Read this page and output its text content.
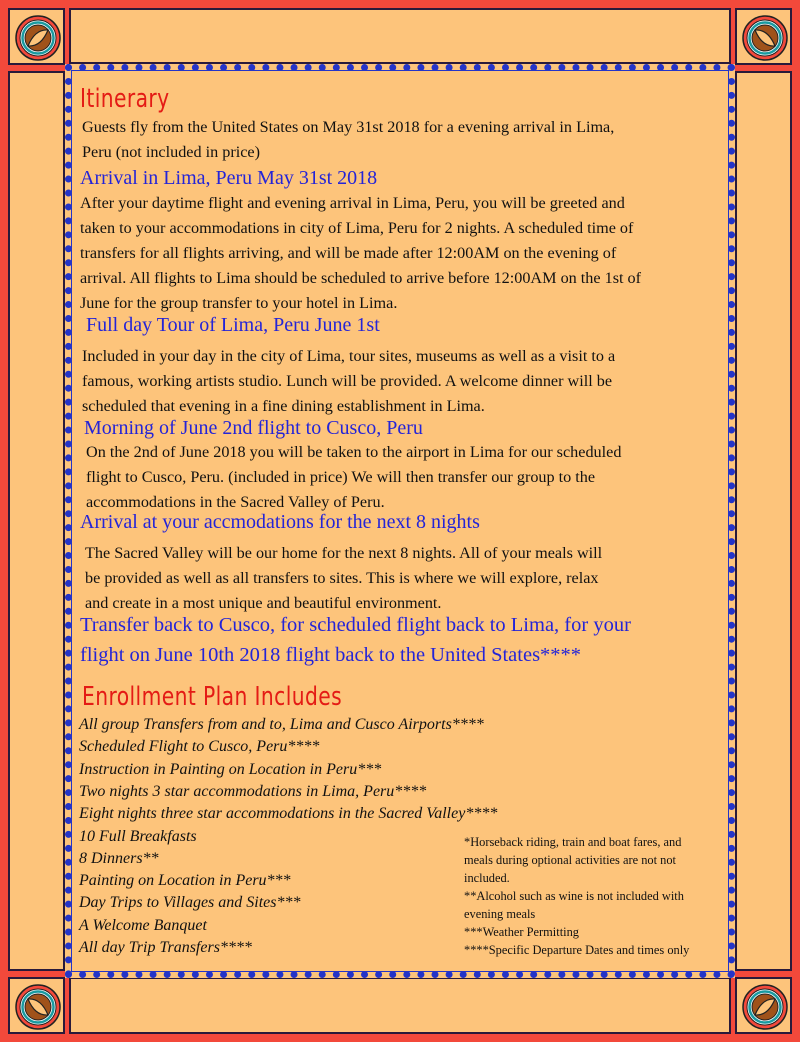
Itinerary
Guests fly from the United States on May 31st 2018 for a evening arrival in Lima,
Peru (not included in price)
Arrival in Lima, Peru May 31st 2018
After your daytime flight and evening arrival in Lima, Peru, you will be greeted and
taken to your accommodations in city of Lima, Peru for 2 nights. A scheduled time of
transfers for all flights arriving, and will be made after 12:00AM on the evening of
arrival. All flights to Lima should be scheduled to arrive before 12:00AM on the 1st of
June for the group transfer to your hotel in Lima.
Full day Tour of Lima, Peru June 1st
Included in your day in the city of Lima, tour sites, museums as well as a visit to a
famous, working artists studio. Lunch will be provided. A welcome dinner will be
scheduled that evening in a fine dining establishment in Lima.
Morning of June 2nd flight to Cusco, Peru
On the 2nd of June 2018 you will be taken to the airport in Lima for our scheduled
flight to Cusco, Peru. (included in price) We will then transfer our group to the
accommodations in the Sacred Valley of Peru.
Arrival at your accmodations for the next 8 nights
The Sacred Valley will be our home for the next 8 nights. All of your meals will
be provided as well as all transfers to sites. This is where we will explore, relax
and create in a most unique and beautiful environment.
Transfer back to Cusco, for scheduled flight back to Lima, for your
flight on June 10th 2018 flight back to the United States****
Enrollment Plan Includes
All group Transfers from and to, Lima and Cusco Airports****
Scheduled Flight to Cusco, Peru****
Instruction in Painting on Location in Peru***
Two nights 3 star accommodations in Lima, Peru****
Eight nights three star accommodations in the Sacred Valley****
10 Full Breakfasts
8 Dinners**
Painting on Location in Peru***
Day Trips to Villages and Sites***
A Welcome Banquet
All day Trip Transfers****
*Horseback riding, train and boat fares, and
meals during optional activities are not not
included.
**Alcohol such as wine is not included with
evening meals
***Weather Permitting
****Specific Departure Dates and times only
